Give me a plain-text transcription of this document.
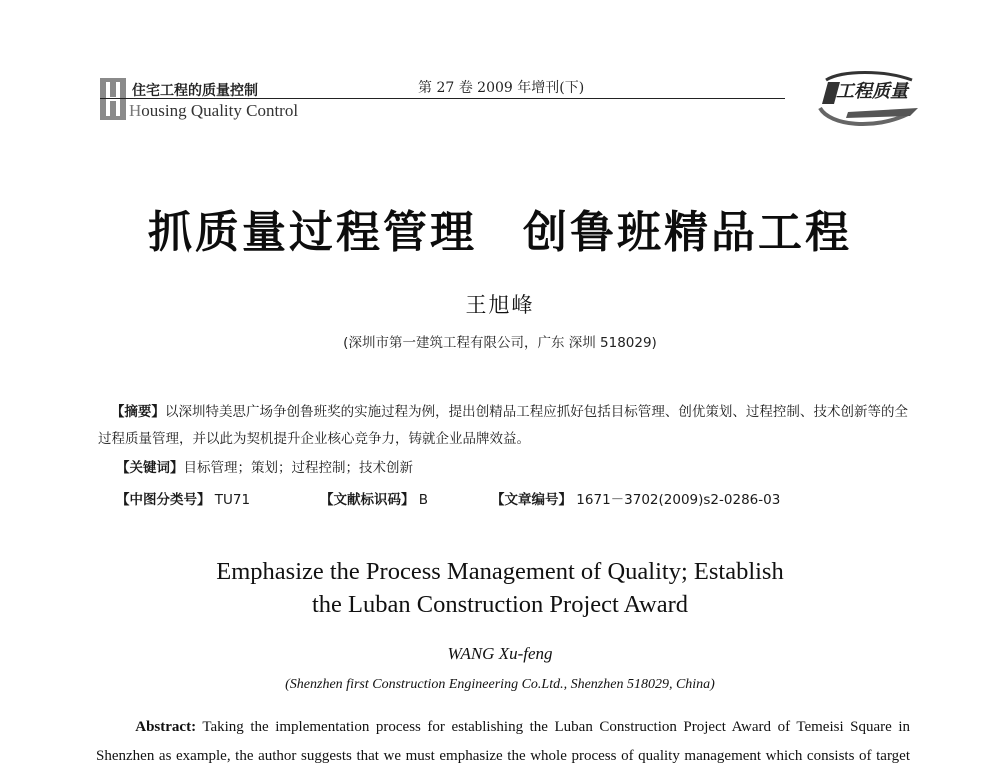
住宅工程的质量控制
Housing Quality Control
第 27 卷 2009 年增刊(下)	工程质量
抓质量过程管理 创鲁班精品工程
王旭峰
(深圳市第一建筑工程有限公司，广东 深圳 518029)
【摘要】以深圳特美思广场争创鲁班奖的实施过程为例，提出创精品工程应抓好包括目标管理、创优策划、过程控制、技术创新等的全过程质量管理，并以此为契机提升企业核心竞争力，铸就企业品牌效益。
【关键词】目标管理；策划；过程控制；技术创新
【中图分类号】 TU71	【文献标识码】 B	【文章编号】 1671－3702(2009)s2-0286-03
Emphasize the Process Management of Quality; Establish
the Luban Construction Project Award
WANG Xu-feng
(Shenzhen first Construction Engineering Co.Ltd., Shenzhen 518029, China)
Abstract: Taking the implementation process for establishing the Luban Construction Project Award of Temeisi Square in Shenzhen as example, the author suggests that we must emphasize the whole process of quality management which consists of target
